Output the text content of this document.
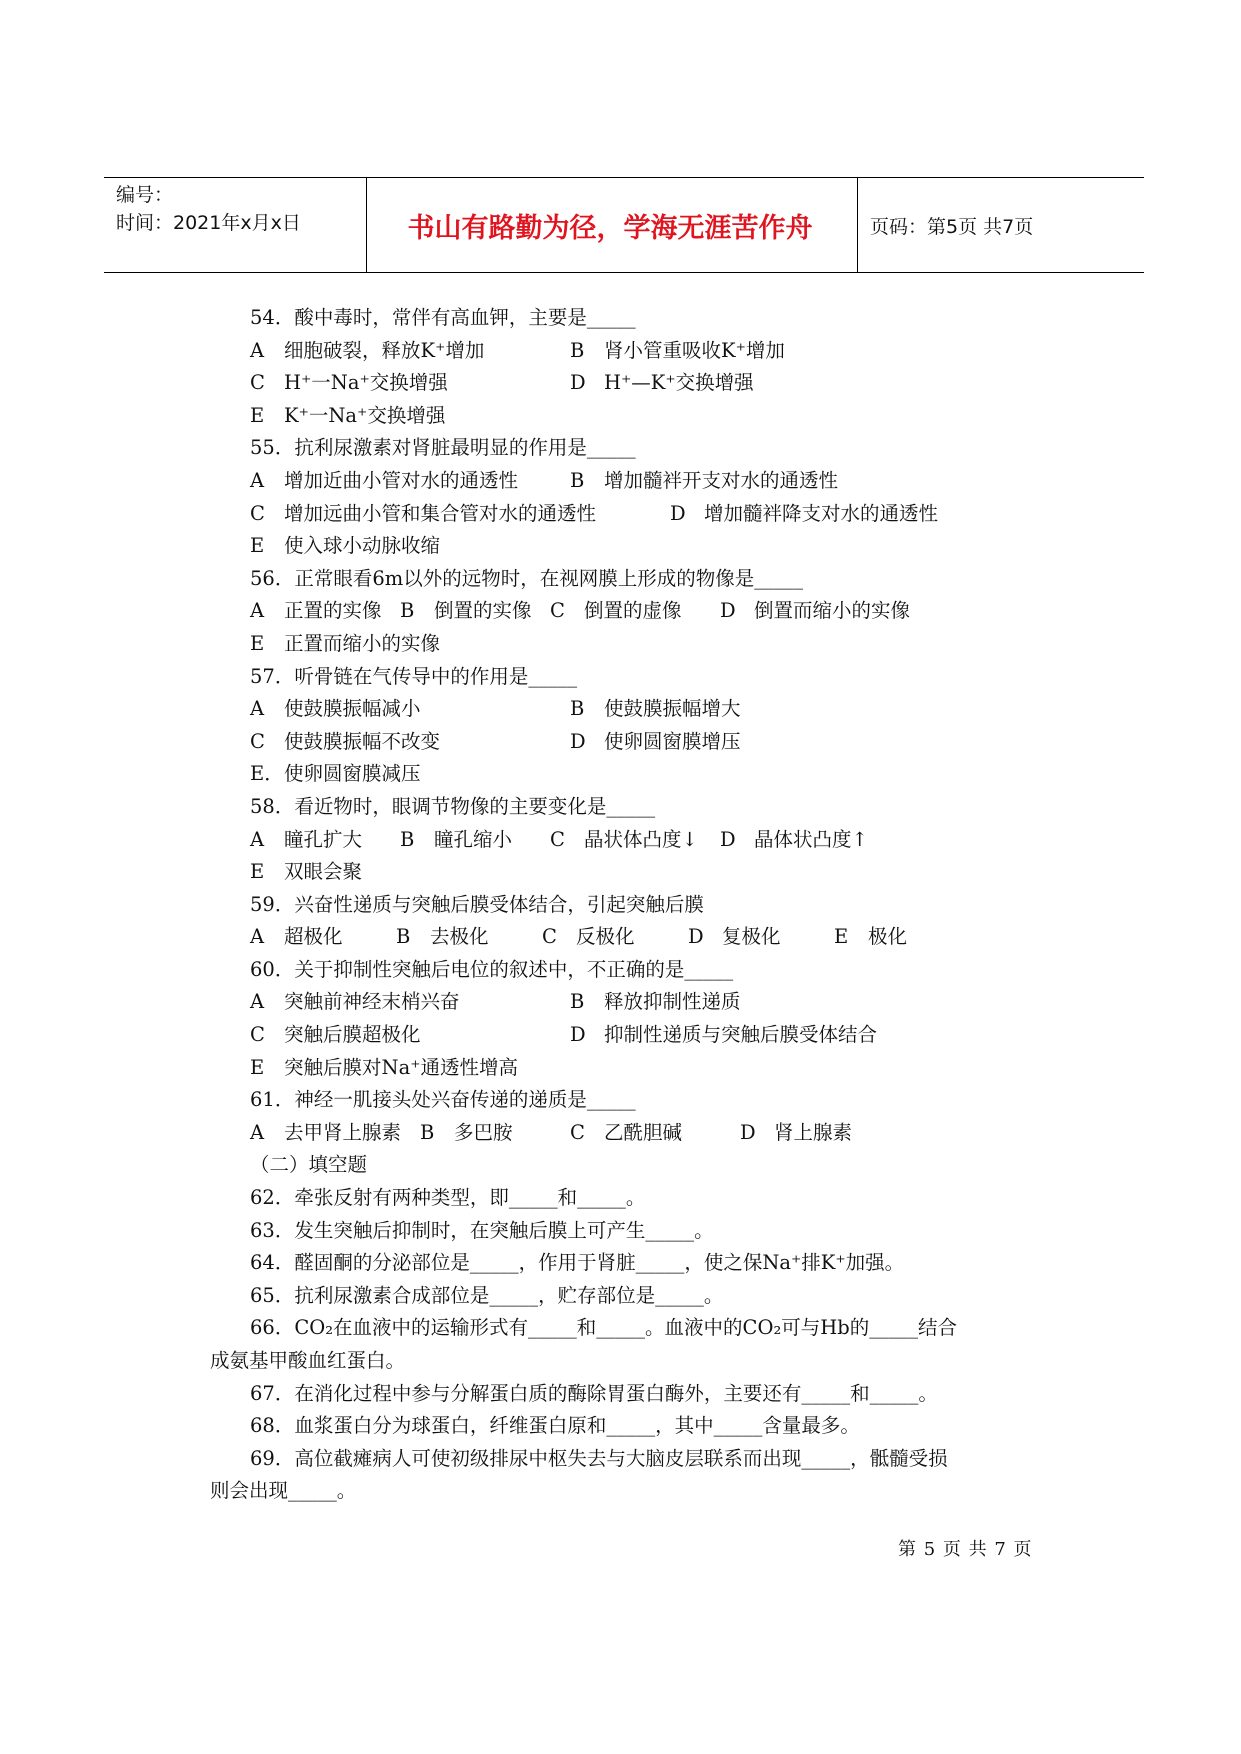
编号：
时间：2021年x月x日	书山有路勤为径，学海无涯苦作舟	页码：第5页 共7页
54．酸中毒时，常伴有高血钾，主要是_____
A 细胞破裂，释放K⁺增加	B 肾小管重吸收K⁺增加
C H⁺一Na⁺交换增强	D H⁺—K⁺交换增强
E K⁺一Na⁺交换增强
55．抗利尿激素对肾脏最明显的作用是_____
A 增加近曲小管对水的通透性	B 增加髓袢开支对水的通透性
C 增加远曲小管和集合管对水的通透性	D 增加髓袢降支对水的通透性
E 使入球小动脉收缩
56．正常眼看6m以外的远物时，在视网膜上形成的物像是_____
A 正置的实像 B 倒置的实像 C 倒置的虚像 D 倒置而缩小的实像
E 正置而缩小的实像
57．听骨链在气传导中的作用是_____
A 使鼓膜振幅减小	B 使鼓膜振幅增大
C 使鼓膜振幅不改变	D 使卵圆窗膜增压
E．使卵圆窗膜减压
58．看近物时，眼调节物像的主要变化是_____
A 瞳孔扩大 B 瞳孔缩小 C 晶状体凸度↓ D 晶体状凸度↑
E 双眼会聚
59．兴奋性递质与突触后膜受体结合，引起突触后膜
A 超极化	B 去极化	C 反极化	D 复极化	E 极化
60．关于抑制性突触后电位的叙述中，不正确的是_____
A 突触前神经末梢兴奋	B 释放抑制性递质
C 突触后膜超极化	D 抑制性递质与突触后膜受体结合
E 突触后膜对Na⁺通透性增高
61．神经一肌接头处兴奋传递的递质是_____
A 去甲肾上腺素 B 多巴胺	C 乙酰胆碱	D 肾上腺素
（二）填空题
62．牵张反射有两种类型，即_____和_____。
63．发生突触后抑制时，在突触后膜上可产生_____。
64．醛固酮的分泌部位是_____，作用于肾脏_____，使之保Na⁺排K⁺加强。
65．抗利尿激素合成部位是_____，贮存部位是_____。
66．CO₂在血液中的运输形式有_____和_____。血液中的CO₂可与Hb的_____结合
成氨基甲酸血红蛋白。
67．在消化过程中参与分解蛋白质的酶除胃蛋白酶外，主要还有_____和_____。
68．血浆蛋白分为球蛋白，纤维蛋白原和_____，其中_____含量最多。
69．高位截瘫病人可使初级排尿中枢失去与大脑皮层联系而出现_____，骶髓受损
则会出现_____。
第 5 页 共 7 页
